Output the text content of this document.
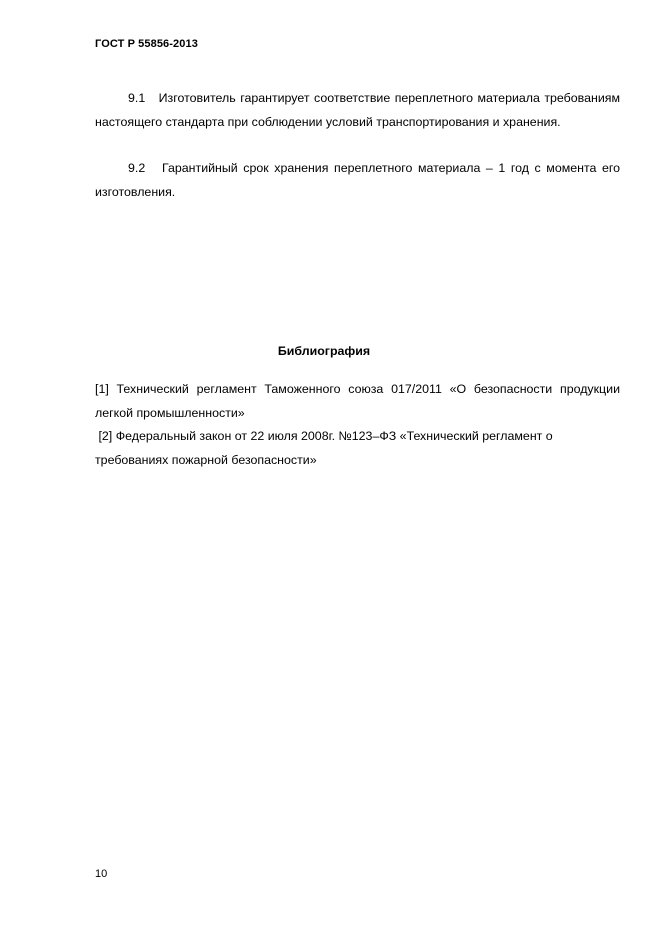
ГОСТ Р 55856-2013

9.1 Изготовитель гарантирует соответствие переплетного материала требованиям настоящего стандарта при соблюдении условий транспортирования и хранения.

9.2 Гарантийный срок хранения переплетного материала – 1 год с момента его изготовления.

Библиография

[1] Технический регламент Таможенного союза 017/2011 «О безопасности продукции легкой промышленности»

[2] Федеральный закон от 22 июля 2008г. №123–ФЗ «Технический регламент о требованиях пожарной безопасности»

10
